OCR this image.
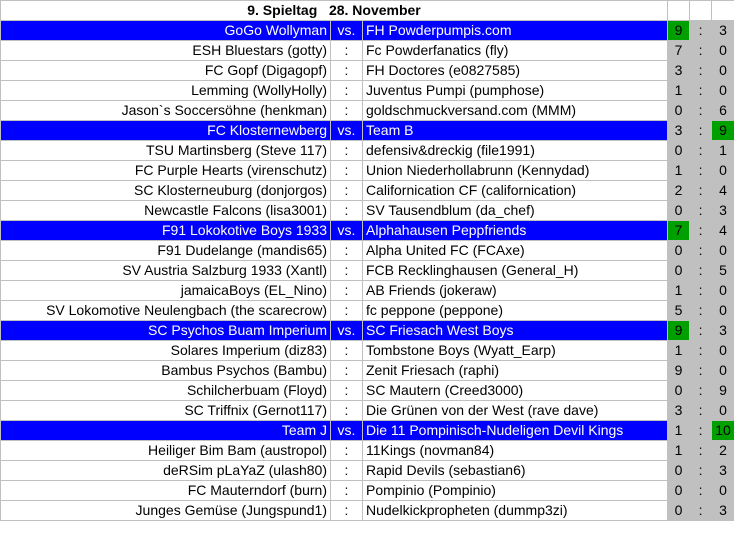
9. Spieltag 28. November					
GoGo Wollyman	vs.	FH Powderpumpis.com	9	:	3
ESH Bluestars (gotty)	:	Fc Powderfanatics (fly)	7	:	0
FC Gopf (Digagopf)	:	FH Doctores (e0827585)	3	:	0
Lemming (WollyHolly)	:	Juventus Pumpi (pumphose)	1	:	0
Jason`s Soccersöhne (henkman)	:	goldschmuckversand.com (MMM)	0	:	6
FC Klosternewberg	vs.	Team B	3	:	9
TSU Martinsberg (Steve 117)	:	defensiv&dreckig (file1991)	0	:	1
FC Purple Hearts (virenschutz)	:	Union Niederhollabrunn (Kennydad)	1	:	0
SC Klosterneuburg (donjorgos)	:	Californication CF (californication)	2	:	4
Newcastle Falcons (lisa3001)	:	SV Tausendblum (da_chef)	0	:	3
F91 Lokokotive Boys 1933	vs.	Alphahausen Peppfriends	7	:	4
F91 Dudelange (mandis65)	:	Alpha United FC (FCAxe)	0	:	0
SV Austria Salzburg 1933 (Xantl)	:	FCB Recklinghausen (General_H)	0	:	5
jamaicaBoys (EL_Nino)	:	AB Friends (jokeraw)	1	:	0
SV Lokomotive Neulengbach (the scarecrow)	:	fc peppone (peppone)	5	:	0
SC Psychos Buam Imperium	vs.	SC Friesach West Boys	9	:	3
Solares Imperium (diz83)	:	Tombstone Boys (Wyatt_Earp)	1	:	0
Bambus Psychos (Bambu)	:	Zenit Friesach (raphi)	9	:	0
Schilcherbuam (Floyd)	:	SC Mautern (Creed3000)	0	:	9
SC Triffnix (Gernot117)	:	Die Grünen von der West (rave dave)	3	:	0
Team J	vs.	Die 11 Pompinisch-Nudeligen Devil Kings	1	:	10
Heiliger Bim Bam (austropol)	:	11Kings (novman84)	1	:	2
deRSim pLaYaZ (ulash80)	:	Rapid Devils (sebastian6)	0	:	3
FC Mauterndorf (burn)	:	Pompinio (Pompinio)	0	:	0
Junges Gemüse (Jungspund1)	:	Nudelkickpropheten (dummp3zi)	0	:	3
